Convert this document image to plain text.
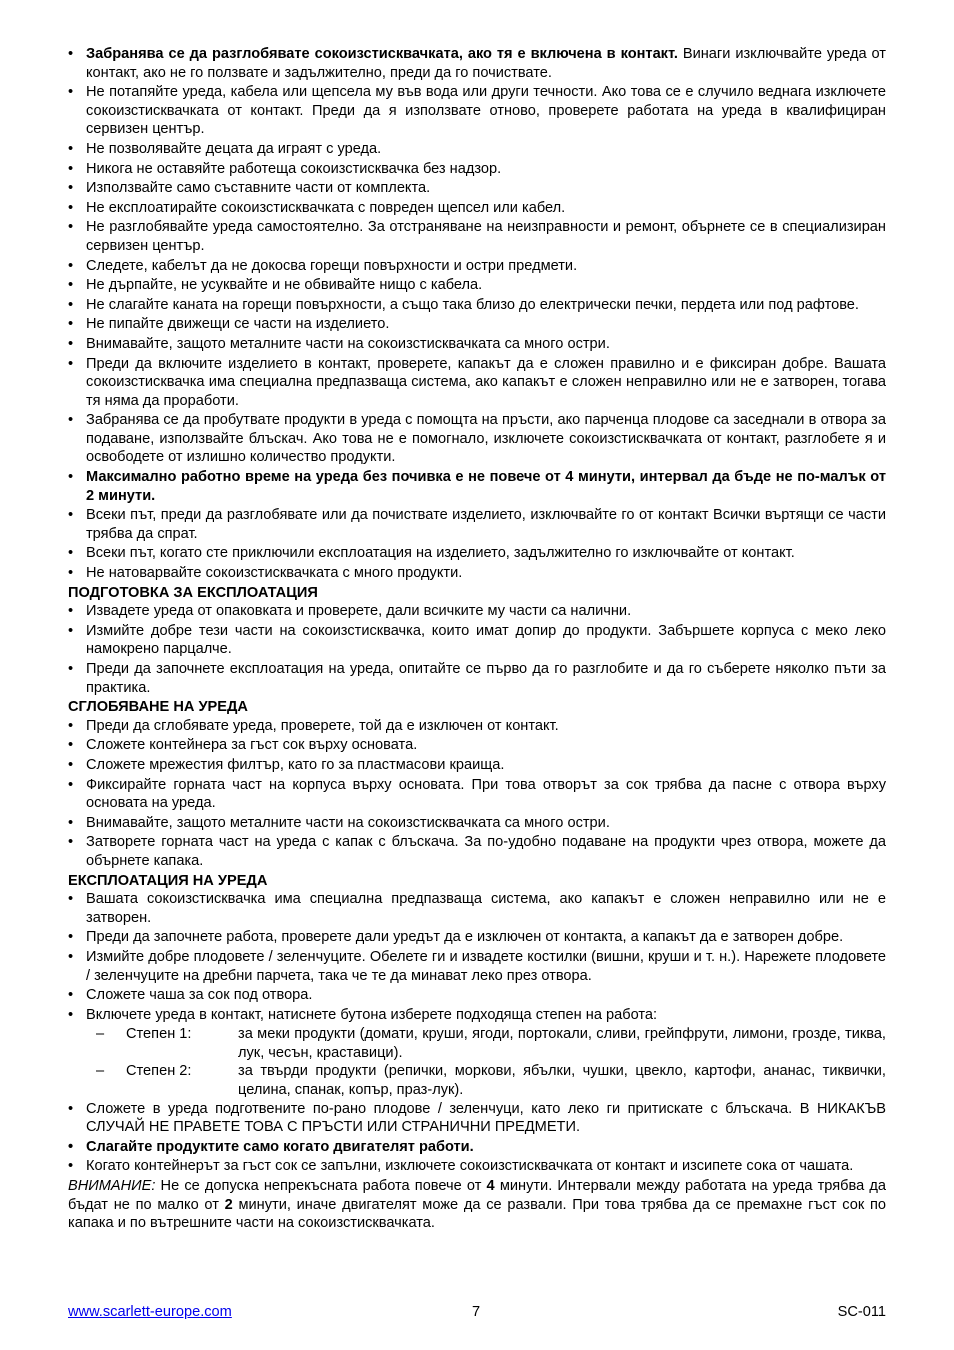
• Забранява се да разглобявате сокоизстисквачката, ако тя е включена в контакт. Винаги изключвайте уреда от контакт, ако не го ползвате и задължително, преди да го почиствате.
• Не потапяйте уреда, кабела или щепсела му във вода или други течности. Ако това се е случило веднага изключете сокоизстисквачката от контакт. Преди да я използвате отново, проверете работата на уреда в квалифициран сервизен център.
• Не позволявайте децата да играят с уреда.
• Никога не оставяйте работеща сокоизстисквачка без надзор.
• Използвайте само съставните части от комплекта.
• Не експлоатирайте сокоизстисквачката с повреден щепсел или кабел.
• Не разглобявайте уреда самостоятелно. За отстраняване на неизправности и ремонт, обърнете се в специализиран сервизен център.
• Следете, кабелът да не докосва горещи повърхности и остри предмети.
• Не дърпайте, не усуквайте и не обвивайте нищо с кабела.
• Не слагайте каната на горещи повърхности, а също така близо до електрически печки, пердета или под рафтове.
• Не пипайте движещи се части на изделието.
• Внимавайте, защото металните части на сокоизстисквачката са много остри.
• Преди да включите изделието в контакт, проверете, капакът да е сложен правилно и е фиксиран добре. Вашата сокоизстисквачка има специална предпазваща система, ако капакът е сложен неправилно или не е затворен, тогава тя няма да проработи.
• Забранява се да пробутвате продукти в уреда с помощта на пръсти, ако парченца плодове са заседнали в отвора за подаване, използвайте блъскач. Ако това не е помогнало, изключете сокоизстисквачката от контакт, разглобете я и освободете от излишно количество продукти.
• Максимално работно време на уреда без почивка е не повече от 4 минути, интервал да бъде не по-малък от 2 минути.
• Всеки път, преди да разглобявате или да почиствате изделието, изключвайте го от контакт Всички въртящи се части трябва да спрат.
• Всеки път, когато сте приключили експлоатация на изделието, задължително го изключвайте от контакт.
• Не натоварвайте сокоизстисквачката с много продукти.
ПОДГОТОВКА ЗА ЕКСПЛОАТАЦИЯ
• Извадете уреда от опаковката и проверете, дали всичките му части са налични.
• Измийте добре тези части на сокоизстисквачка, които имат допир до продукти. Забършете корпуса с меко леко намокрено парцалче.
• Преди да започнете експлоатация на уреда, опитайте се първо да го разглобите и да го съберете няколко пъти за практика.
СГЛОБЯВАНЕ НА УРЕДА
• Преди да сглобявате уреда, проверете, той да е изключен от контакт.
• Сложете контейнера за гъст сок върху основата.
• Сложете мрежестия филтър, като го за пластмасови краища.
• Фиксирайте горната част на корпуса върху основата. При това отворът за сок трябва да пасне с отвора върху основата на уреда.
• Внимавайте, защото металните части на сокоизстисквачката са много остри.
• Затворете горната част на уреда с капак с блъскача. За по-удобно подаване на продукти чрез отвора, можете да обърнете капака.
ЕКСПЛОАТАЦИЯ НА УРЕДА
• Вашата сокоизстисквачка има специална предпазваща система, ако капакът е сложен неправилно или не е затворен.
• Преди да започнете работа, проверете дали уредът да е изключен от контакта, а капакът да е затворен добре.
• Измийте добре плодовете / зеленчуците. Обелете ги и извадете костилки (вишни, круши и т. н.). Нарежете плодовете / зеленчуците на дребни парчета, така че те да минават леко през отвора.
• Сложете чаша за сок под отвора.
• Включете уреда в контакт, натиснете бутона изберете подходяща степен на работа:
–	Степен 1:	за меки продукти (домати, круши, ягоди, портокали, сливи, грейпфрути, лимони, грозде, тиква, лук, чесън, краставици).
–	Степен 2:	за твърди продукти (репички, моркови, ябълки, чушки, цвекло, картофи, ананас, тиквички, целина, спанак, копър, праз-лук).
• Сложете в уреда подготвените по-рано плодове / зеленчуци, като леко ги притискате с блъскача. В НИКАКЪВ СЛУЧАЙ НЕ ПРАВЕТЕ ТОВА С ПРЪСТИ ИЛИ СТРАНИЧНИ ПРЕДМЕТИ.
• Слагайте продуктите само когато двигателят работи.
• Когато контейнерът за гъст сок се запълни, изключете сокоизстисквачката от контакт и изсипете сока от чашата.

ВНИМАНИЕ: Не се допуска непрекъсната работа повече от 4 минути. Интервали между работата на уреда трябва да бъдат не по малко от 2 минути, иначе двигателят може да се развали. При това трябва да се премахне гъст сок по капака и по вътрешните части на сокоизстисквачката.

www.scarlett-europe.com	7	SC-011
